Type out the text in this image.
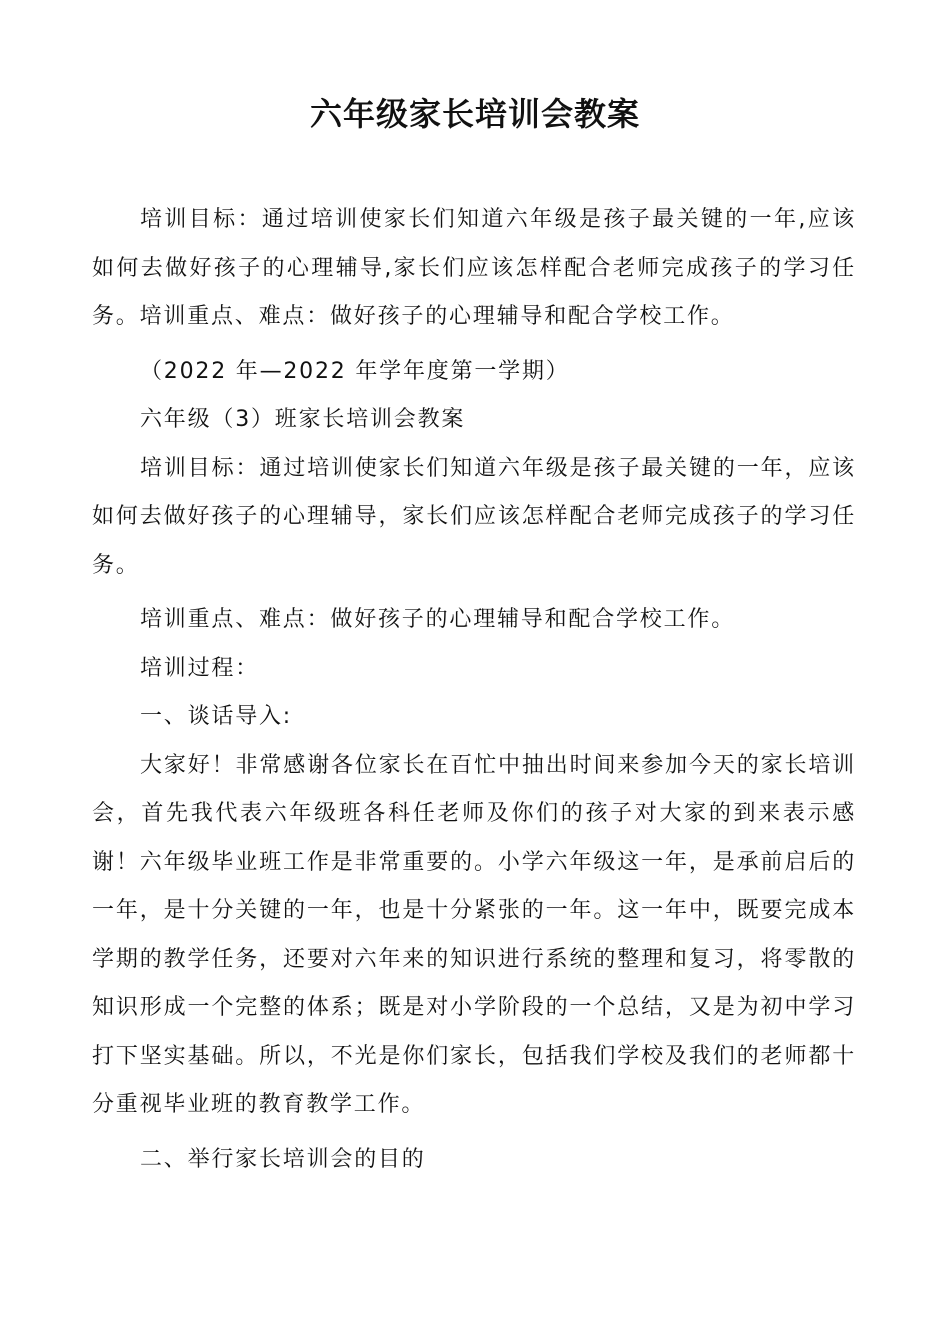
六年级家长培训会教案

培训目标：通过培训使家长们知道六年级是孩子最关键的一年,应该如何去做好孩子的心理辅导,家长们应该怎样配合老师完成孩子的学习任务。培训重点、难点：做好孩子的心理辅导和配合学校工作。

（2022 年—2022 年学年度第一学期）

六年级（3）班家长培训会教案

培训目标：通过培训使家长们知道六年级是孩子最关键的一年，应该如何去做好孩子的心理辅导，家长们应该怎样配合老师完成孩子的学习任务。

培训重点、难点：做好孩子的心理辅导和配合学校工作。

培训过程：

一、谈话导入:

大家好！非常感谢各位家长在百忙中抽出时间来参加今天的家长培训会，首先我代表六年级班各科任老师及你们的孩子对大家的到来表示感谢！六年级毕业班工作是非常重要的。小学六年级这一年，是承前启后的一年，是十分关键的一年，也是十分紧张的一年。这一年中，既要完成本学期的教学任务，还要对六年来的知识进行系统的整理和复习，将零散的知识形成一个完整的体系；既是对小学阶段的一个总结，又是为初中学习打下坚实基础。所以，不光是你们家长，包括我们学校及我们的老师都十分重视毕业班的教育教学工作。

二、举行家长培训会的目的
